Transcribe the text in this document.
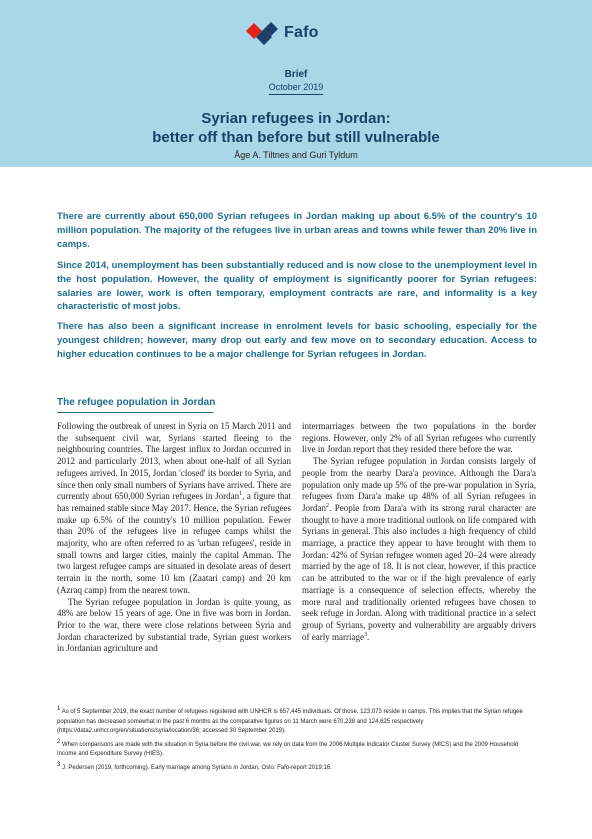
Fafo
Brief
October 2019
Syrian refugees in Jordan:
better off than before but still vulnerable
Åge A. Tiltnes and Guri Tyldum
There are currently about 650,000 Syrian refugees in Jordan making up about 6.5% of the country's 10 million population. The majority of the refugees live in urban areas and towns while fewer than 20% live in camps.
Since 2014, unemployment has been substantially reduced and is now close to the unemployment level in the host population. However, the quality of employment is significantly poorer for Syrian refugees: salaries are lower, work is often temporary, employment contracts are rare, and informality is a key characteristic of most jobs.
There has also been a significant increase in enrolment levels for basic schooling, especially for the youngest children; however, many drop out early and few move on to secondary education. Access to higher education continues to be a major challenge for Syrian refugees in Jordan.
The refugee population in Jordan

Following the outbreak of unrest in Syria on 15 March 2011 and the subsequent civil war, Syrians started fleeing to the neighbouring countries. The largest influx to Jordan occurred in 2012 and particularly 2013, when about one-half of all Syrian refugees arrived. In 2015, Jordan 'closed' its border to Syria, and since then only small numbers of Syrians have arrived. There are currently about 650,000 Syrian refugees in Jordan$^1$, a figure that has remained stable since May 2017. Hence, the Syrian refugees make up 6.5% of the country's 10 million population. Fewer than 20% of the refugees live in refugee camps whilst the majority, who are often referred to as 'urban refugees', reside in small towns and larger cities, mainly the capital Amman. The two largest refugee camps are situated in desolate areas of desert terrain in the north, some 10 km (Zaatari camp) and 20 km (Azraq camp) from the nearest town.

The Syrian refugee population in Jordan is quite young, as 48% are below 15 years of age. One in five was born in Jordan. Prior to the war, there were close relations between Syria and Jordan characterized by substantial trade, Syrian guest workers in Jordanian agriculture and

intermarriages between the two populations in the border regions. However, only 2% of all Syrian refugees who currently live in Jordan report that they resided there before the war.

The Syrian refugee population in Jordan consists largely of people from the nearby Dara'a province. Although the Dara'a population only made up 5% of the pre-war population in Syria, refugees from Dara'a make up 48% of all Syrian refugees in Jordan$^2$. People from Dara'a with its strong rural character are thought to have a more traditional outlook on life compared with Syrians in general. This also includes a high frequency of child marriage, a practice they appear to have brought with them to Jordan: 42% of Syrian refugee women aged 20–24 were already married by the age of 18. It is not clear, however, if this practice can be attributed to the war or if the high prevalence of early marriage is a consequence of selection effects, whereby the more rural and traditionally oriented refugees have chosen to seek refuge in Jordan. Along with traditional practice in a select group of Syrians, poverty and vulnerability are arguably drivers of early marriage$^3$.

$^1$ As of 5 September 2019, the exact number of refugees registered with UNHCR is 657,445 individuals. Of those, 123,073 reside in camps. This implies that the Syrian refugee population has decreased somewhat in the past 6 months as the comparative figures on 11 March were 670,238 and 124,625 respectively (https://data2.unhcr.org/en/situations/syria/location/36; accessed 30 September 2019).

$^2$ When comparisons are made with the situation in Syria before the civil war, we rely on data from the 2006 Multiple Indicator Cluster Survey (MICS) and the 2009 Household Income and Expenditure Survey (HIES).

$^3$ J. Pedersen (2019, forthcoming), Early marriage among Syrians in Jordan, Oslo: Fafo-report 2019:16.
